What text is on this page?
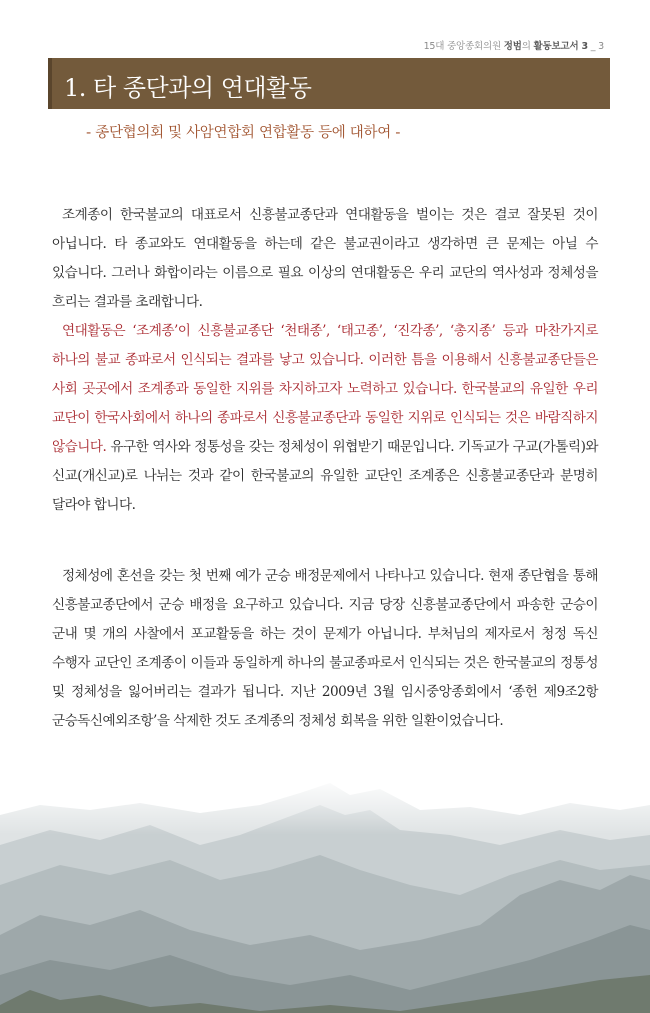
15대 중앙종회의원 정범의 활동보고서 3 _ 3
1. 타 종단과의 연대활동
- 종단협의회 및 사암연합회 연합활동 등에 대하여 -
조계종이 한국불교의 대표로서 신흥불교종단과 연대활동을 벌이는 것은 결코 잘못된 것이 아닙니다. 타 종교와도 연대활동을 하는데 같은 불교권이라고 생각하면 큰 문제는 아닐 수 있습니다. 그러나 화합이라는 이름으로 필요 이상의 연대활동은 우리 교단의 역사성과 정체성을 흐리는 결과를 초래합니다.
연대활동은 ‘조계종’이 신흥불교종단 ‘천태종’, ‘태고종’, ‘진각종’, ‘총지종’ 등과 마찬가지로 하나의 불교 종파로서 인식되는 결과를 낳고 있습니다. 이러한 틈을 이용해서 신흥불교종단들은 사회 곳곳에서 조계종과 동일한 지위를 차지하고자 노력하고 있습니다. 한국불교의 유일한 우리 교단이 한국사회에서 하나의 종파로서 신흥불교종단과 동일한 지위로 인식되는 것은 바람직하지 않습니다. 유구한 역사와 정통성을 갖는 정체성이 위협받기 때문입니다. 기독교가 구교(가톨릭)와 신교(개신교)로 나뉘는 것과 같이 한국불교의 유일한 교단인 조계종은 신흥불교종단과 분명히 달라야 합니다.
정체성에 혼선을 갖는 첫 번째 예가 군승 배정문제에서 나타나고 있습니다. 현재 종단협을 통해 신흥불교종단에서 군승 배정을 요구하고 있습니다. 지금 당장 신흥불교종단에서 파송한 군승이 군내 몇 개의 사찰에서 포교활동을 하는 것이 문제가 아닙니다. 부처님의 제자로서 청정 독신 수행자 교단인 조계종이 이들과 동일하게 하나의 불교종파로서 인식되는 것은 한국불교의 정통성 및 정체성을 잃어버리는 결과가 됩니다. 지난 2009년 3월 임시중앙종회에서 ‘종헌 제9조2항 군승독신예외조항’을 삭제한 것도 조계종의 정체성 회복을 위한 일환이었습니다.
